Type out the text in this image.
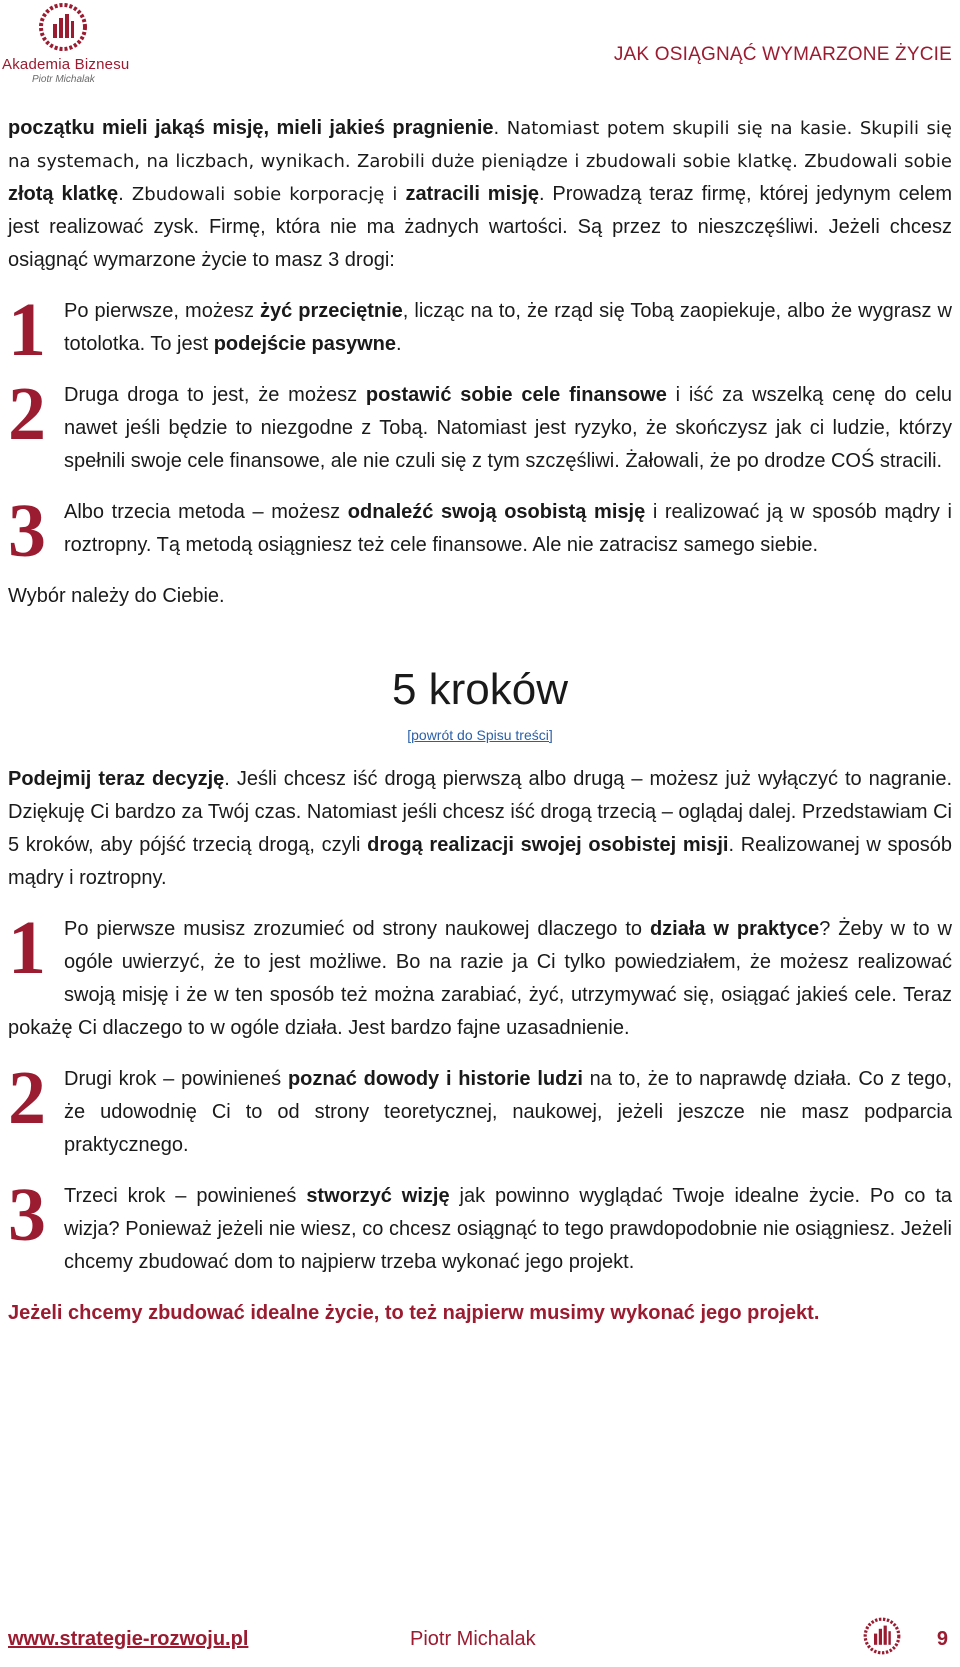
Akademia Biznesu
Piotr Michalak
JAK OSIĄGNĄĆ WYMARZONE ŻYCIE

początku mieli jakąś misję, mieli jakieś pragnienie. Natomiast potem skupili się na kasie. Skupili się na systemach, na liczbach, wynikach. Zarobili duże pieniądze i zbudowali sobie klatkę. Zbudowali sobie złotą klatkę. Zbudowali sobie korporację i zatracili misję. Prowadzą teraz firmę, której jedynym celem jest realizować zysk. Firmę, która nie ma żadnych wartości. Są przez to nieszczęśliwi. Jeżeli chcesz osiągnąć wymarzone życie to masz 3 drogi:

1 Po pierwsze, możesz żyć przeciętnie, licząc na to, że rząd się Tobą zaopiekuje, albo że wygrasz w totolotka. To jest podejście pasywne.

2 Druga droga to jest, że możesz postawić sobie cele finansowe i iść za wszelką cenę do celu nawet jeśli będzie to niezgodne z Tobą. Natomiast jest ryzyko, że skończysz jak ci ludzie, którzy spełnili swoje cele finansowe, ale nie czuli się z tym szczęśliwi. Żałowali, że po drodze COŚ stracili.

3 Albo trzecia metoda – możesz odnaleźć swoją osobistą misję i realizować ją w sposób mądry i roztropny. Tą metodą osiągniesz też cele finansowe. Ale nie zatracisz samego siebie.

Wybór należy do Ciebie.

5 kroków
[powrót do Spisu treści]

Podejmij teraz decyzję. Jeśli chcesz iść drogą pierwszą albo drugą – możesz już wyłączyć to nagranie. Dziękuję Ci bardzo za Twój czas. Natomiast jeśli chcesz iść drogą trzecią – oglądaj dalej. Przedstawiam Ci 5 kroków, aby pójść trzecią drogą, czyli drogą realizacji swojej osobistej misji. Realizowanej w sposób mądry i roztropny.

1 Po pierwsze musisz zrozumieć od strony naukowej dlaczego to działa w praktyce? Żeby w to w ogóle uwierzyć, że to jest możliwe. Bo na razie ja Ci tylko powiedziałem, że możesz realizować swoją misję i że w ten sposób też można zarabiać, żyć, utrzymywać się, osiągać jakieś cele. Teraz pokażę Ci dlaczego to w ogóle działa. Jest bardzo fajne uzasadnienie.

2 Drugi krok – powinieneś poznać dowody i historie ludzi na to, że to naprawdę działa. Co z tego, że udowodnię Ci to od strony teoretycznej, naukowej, jeżeli jeszcze nie masz podparcia praktycznego.

3 Trzeci krok – powinieneś stworzyć wizję jak powinno wyglądać Twoje idealne życie. Po co ta wizja? Ponieważ jeżeli nie wiesz, co chcesz osiągnąć to tego prawdopodobnie nie osiągniesz. Jeżeli chcemy zbudować dom to najpierw trzeba wykonać jego projekt.

Jeżeli chcemy zbudować idealne życie, to też najpierw musimy wykonać jego projekt.

www.strategie-rozwoju.pl	Piotr Michalak	9
